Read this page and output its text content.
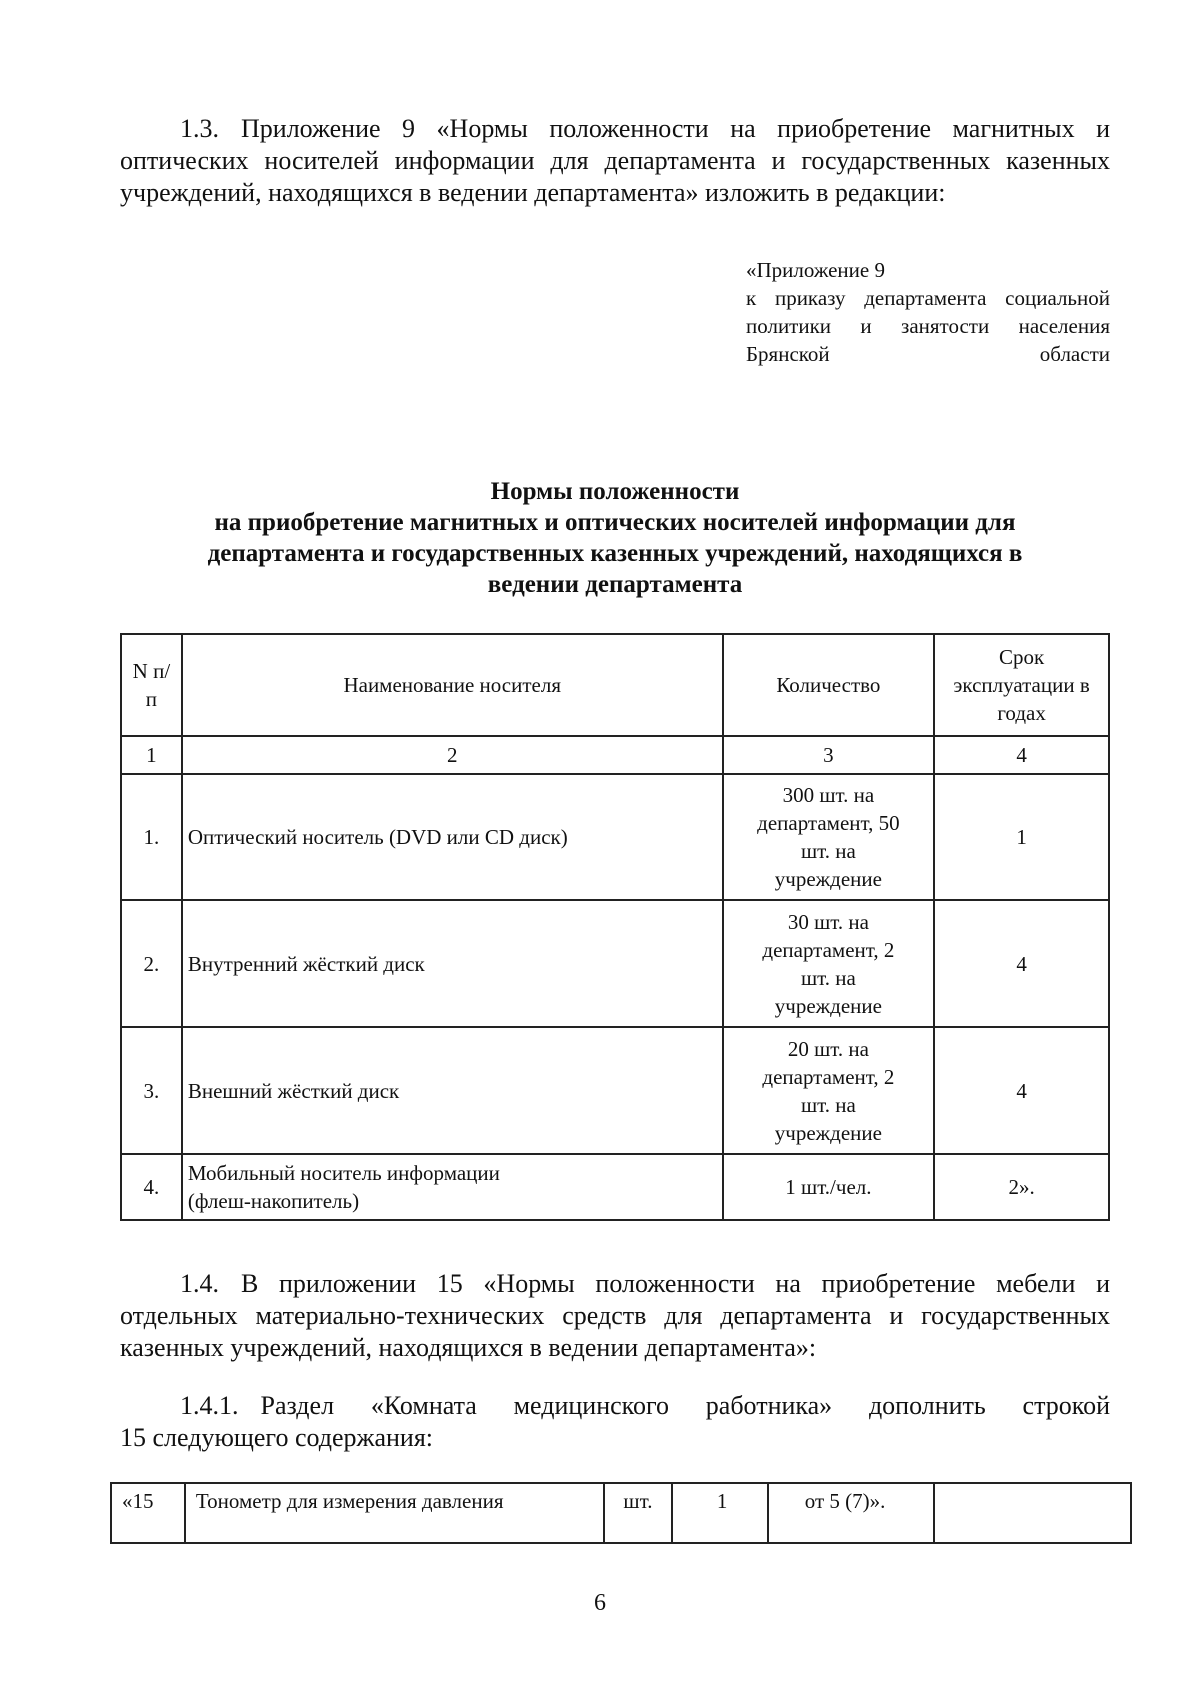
1.3. Приложение 9 «Нормы положенности на приобретение магнитных и
оптических носителей информации для департамента и государственных казенных
учреждений, находящихся в ведении департамента» изложить в редакции:
«Приложение 9
к приказу департамента социальной
политики и занятости населения
Брянской области
Нормы положенности
на приобретение магнитных и оптических носителей информации для
департамента и государственных казенных учреждений, находящихся в
ведении департамента
N п/п	Наименование носителя	Количество	Срок эксплуатации в годах
1	2	3	4
1.	Оптический носитель (DVD или CD диск)	300 шт. на департамент, 50 шт. на учреждение	1
2.	Внутренний жёсткий диск	30 шт. на департамент, 2 шт. на учреждение	4
3.	Внешний жёсткий диск	20 шт. на департамент, 2 шт. на учреждение	4
4.	Мобильный носитель информации (флеш-накопитель)	1 шт./чел.	2».
1.4. В приложении 15 «Нормы положенности на приобретение мебели и
отдельных материально-технических средств для департамента и государственных
казенных учреждений, находящихся в ведении департамента»:
1.4.1. Раздел «Комната медицинского работника» дополнить строкой
15 следующего содержания:
«15	Тонометр для измерения давления	шт.	1	от 5 (7)».	
6
